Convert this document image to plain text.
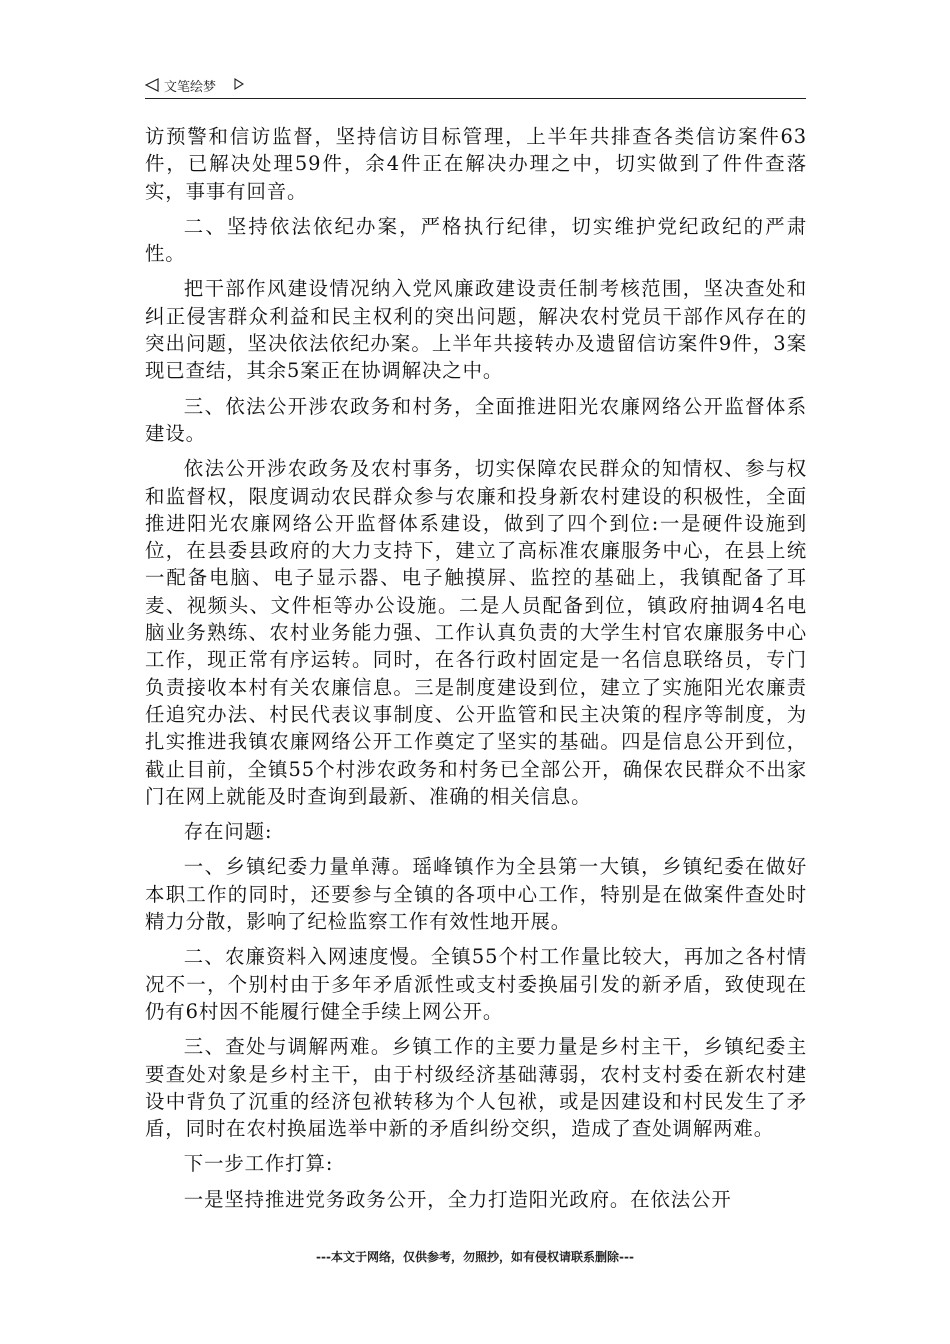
文笔绘梦

访预警和信访监督，坚持信访目标管理，上半年共排查各类信访案件63件，已解决处理59件，余4件正在解决办理之中，切实做到了件件查落实，事事有回音。

二、坚持依法依纪办案，严格执行纪律，切实维护党纪政纪的严肃性。

把干部作风建设情况纳入党风廉政建设责任制考核范围，坚决查处和纠正侵害群众利益和民主权利的突出问题，解决农村党员干部作风存在的突出问题，坚决依法依纪办案。上半年共接转办及遗留信访案件9件，3案现已查结，其余5案正在协调解决之中。

三、依法公开涉农政务和村务，全面推进阳光农廉网络公开监督体系建设。

依法公开涉农政务及农村事务，切实保障农民群众的知情权、参与权和监督权，限度调动农民群众参与农廉和投身新农村建设的积极性，全面推进阳光农廉网络公开监督体系建设，做到了四个到位:一是硬件设施到位，在县委县政府的大力支持下，建立了高标准农廉服务中心，在县上统一配备电脑、电子显示器、电子触摸屏、监控的基础上，我镇配备了耳麦、视频头、文件柜等办公设施。二是人员配备到位，镇政府抽调4名电脑业务熟练、农村业务能力强、工作认真负责的大学生村官农廉服务中心工作，现正常有序运转。同时，在各行政村固定是一名信息联络员，专门负责接收本村有关农廉信息。三是制度建设到位，建立了实施阳光农廉责任追究办法、村民代表议事制度、公开监管和民主决策的程序等制度，为扎实推进我镇农廉网络公开工作奠定了坚实的基础。四是信息公开到位，截止目前，全镇55个村涉农政务和村务已全部公开，确保农民群众不出家门在网上就能及时查询到最新、准确的相关信息。

存在问题:

一、乡镇纪委力量单薄。瑶峰镇作为全县第一大镇，乡镇纪委在做好本职工作的同时，还要参与全镇的各项中心工作，特别是在做案件查处时精力分散，影响了纪检监察工作有效性地开展。

二、农廉资料入网速度慢。全镇55个村工作量比较大，再加之各村情况不一，个别村由于多年矛盾派性或支村委换届引发的新矛盾，致使现在仍有6村因不能履行健全手续上网公开。

三、查处与调解两难。乡镇工作的主要力量是乡村主干，乡镇纪委主要查处对象是乡村主干，由于村级经济基础薄弱，农村支村委在新农村建设中背负了沉重的经济包袱转移为个人包袱，或是因建设和村民发生了矛盾，同时在农村换届选举中新的矛盾纠纷交织，造成了查处调解两难。

下一步工作打算:

一是坚持推进党务政务公开，全力打造阳光政府。在依法公开

---本文于网络，仅供参考，勿照抄，如有侵权请联系删除---
